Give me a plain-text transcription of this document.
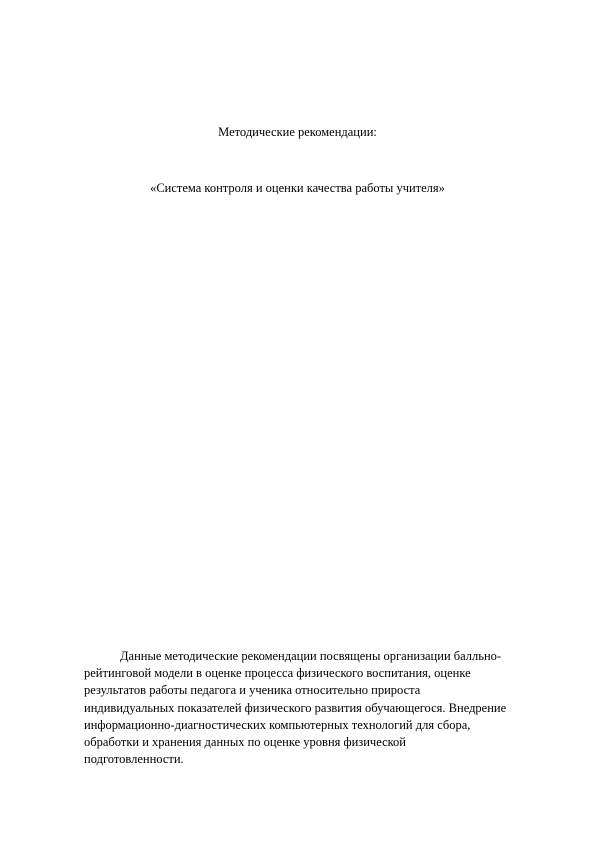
Методические рекомендации:
«Система контроля и оценки качества работы учителя»

Данные методические рекомендации посвящены организации балльно-
рейтинговой модели в оценке процесса физического воспитания, оценке
результатов работы педагога и ученика относительно прироста
индивидуальных показателей физического развития обучающегося. Внедрение
информационно-диагностических компьютерных технологий для сбора,
обработки и хранения данных по оценке уровня физической
подготовленности.
